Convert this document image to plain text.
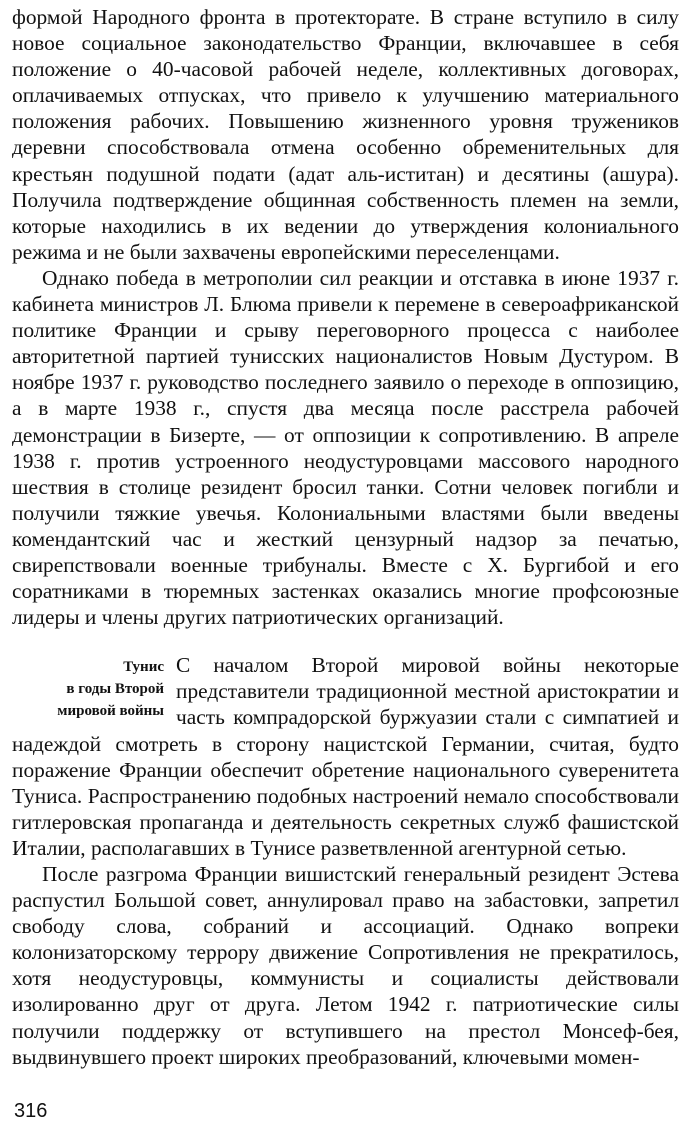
формой Народного фронта в протекторате. В стране вступило в силу новое социальное законодательство Франции, включавшее в себя положение о 40-часовой рабочей неделе, коллективных договорах, оплачиваемых отпусках, что привело к улучшению материального положения рабочих. Повышению жизненного уровня тружеников деревни способствовала отмена особенно обременительных для крестьян подушной подати (адат аль-иститан) и десятины (ашура). Получила подтверждение общинная собственность племен на земли, которые находились в их ведении до утверждения колониального режима и не были захвачены европейскими переселенцами.

Однако победа в метрополии сил реакции и отставка в июне 1937 г. кабинета министров Л. Блюма привели к перемене в североафриканской политике Франции и срыву переговорного процесса с наиболее авторитетной партией тунисских националистов Новым Дустуром. В ноябре 1937 г. руководство последнего заявило о переходе в оппозицию, а в марте 1938 г., спустя два месяца после расстрела рабочей демонстрации в Бизерте, — от оппозиции к сопротивлению. В апреле 1938 г. против устроенного неодустуровцами массового народного шествия в столице резидент бросил танки. Сотни человек погибли и получили тяжкие увечья. Колониальными властями были введены комендантский час и жесткий цензурный надзор за печатью, свирепствовали военные трибуналы. Вместе с Х. Бургибой и его соратниками в тюремных застенках оказались многие профсоюзные лидеры и члены других патриотических организаций.

Тунис
в годы Второй
мировой войны

С началом Второй мировой войны некоторые представители традиционной местной аристократии и часть компрадорской буржуазии стали с симпатией и надеждой смотреть в сторону нацистской Германии, считая, будто поражение Франции обеспечит обретение национального суверенитета Туниса. Распространению подобных настроений немало способствовали гитлеровская пропаганда и деятельность секретных служб фашистской Италии, располагавших в Тунисе разветвленной агентурной сетью.

После разгрома Франции вишистский генеральный резидент Эстева распустил Большой совет, аннулировал право на забастовки, запретил свободу слова, собраний и ассоциаций. Однако вопреки колонизаторскому террору движение Сопротивления не прекратилось, хотя неодустуровцы, коммунисты и социалисты действовали изолированно друг от друга. Летом 1942 г. патриотические силы получили поддержку от вступившего на престол Монсеф-бея, выдвинувшего проект широких преобразований, ключевыми момен-

316
